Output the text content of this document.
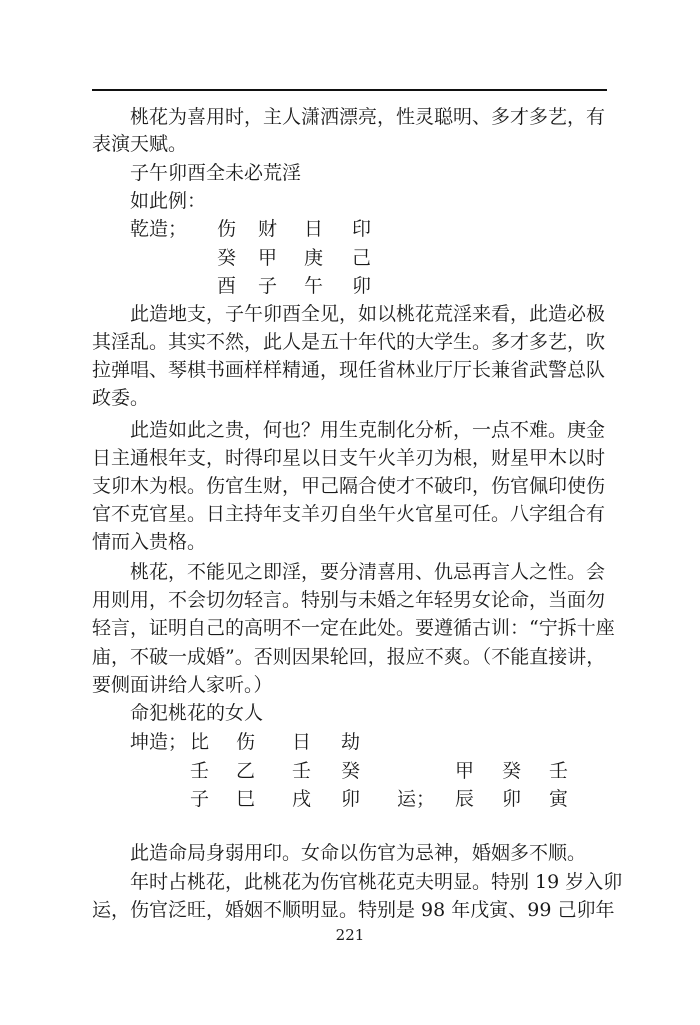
桃花为喜用时，主人潇洒漂亮，性灵聪明、多才多艺，有
表演天赋。
子午卯酉全未必荒淫
如此例：
乾造； 伤 财 日 印
癸 甲 庚 己
酉 子 午 卯
此造地支，子午卯酉全见，如以桃花荒淫来看，此造必极
其淫乱。其实不然，此人是五十年代的大学生。多才多艺，吹
拉弹唱、琴棋书画样样精通，现任省林业厅厅长兼省武警总队
政委。
此造如此之贵，何也？用生克制化分析，一点不难。庚金
日主通根年支，时得印星以日支午火羊刃为根，财星甲木以时
支卯木为根。伤官生财，甲己隔合使才不破印，伤官佩印使伤
官不克官星。日主持年支羊刃自坐午火官星可任。八字组合有
情而入贵格。
桃花，不能见之即淫，要分清喜用、仇忌再言人之性。会
用则用，不会切勿轻言。特别与未婚之年轻男女论命，当面勿
轻言，证明自己的高明不一定在此处。要遵循古训：“宁拆十座
庙，不破一成婚”。否则因果轮回，报应不爽。（不能直接讲，
要侧面讲给人家听。）
命犯桃花的女人
坤造； 比 伤 日 劫
壬 乙 壬 癸	甲 癸 壬
子 巳 戌 卯 运； 辰 卯 寅
此造命局身弱用印。女命以伤官为忌神，婚姻多不顺。
年时占桃花，此桃花为伤官桃花克夫明显。特别 19 岁入卯
运，伤官泛旺，婚姻不顺明显。特别是 98 年戊寅、99 己卯年
221
